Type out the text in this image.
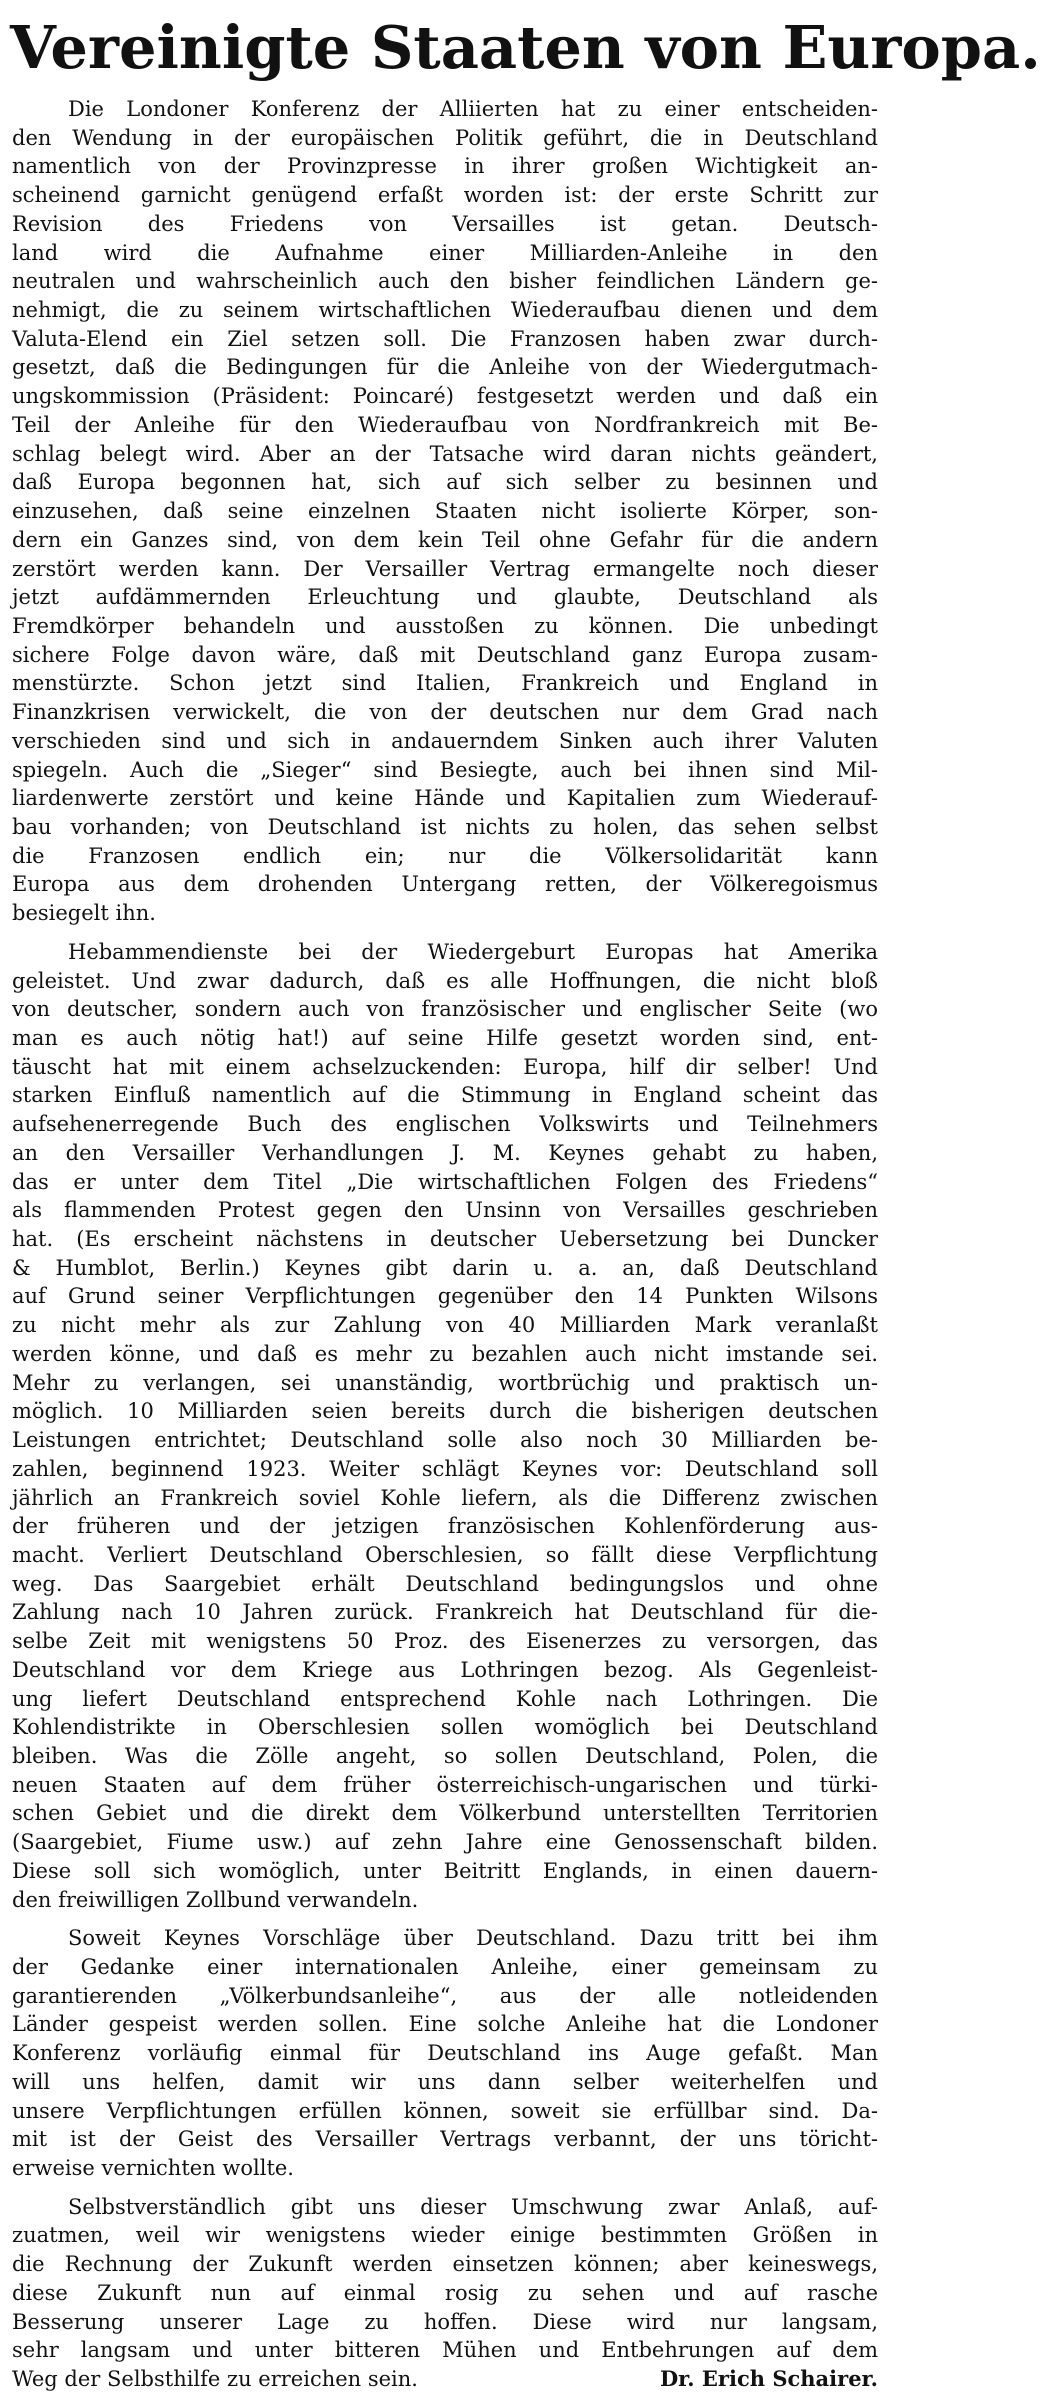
Vereinigte Staaten von Europa.
Die Londoner Konferenz der Alliierten hat zu einer entscheiden-
den Wendung in der europäischen Politik geführt, die in Deutschland
namentlich von der Provinzpresse in ihrer großen Wichtigkeit an-
scheinend garnicht genügend erfaßt worden ist: der erste Schritt zur
Revision des Friedens von Versailles ist getan. Deutsch-
land wird die Aufnahme einer Milliarden-Anleihe in den
neutralen und wahrscheinlich auch den bisher feindlichen Ländern ge-
nehmigt, die zu seinem wirtschaftlichen Wiederaufbau dienen und dem
Valuta-Elend ein Ziel setzen soll. Die Franzosen haben zwar durch-
gesetzt, daß die Bedingungen für die Anleihe von der Wiedergutmach-
ungskommission (Präsident: Poincaré) festgesetzt werden und daß ein
Teil der Anleihe für den Wiederaufbau von Nordfrankreich mit Be-
schlag belegt wird. Aber an der Tatsache wird daran nichts geändert,
daß Europa begonnen hat, sich auf sich selber zu besinnen und
einzusehen, daß seine einzelnen Staaten nicht isolierte Körper, son-
dern ein Ganzes sind, von dem kein Teil ohne Gefahr für die andern
zerstört werden kann. Der Versailler Vertrag ermangelte noch dieser
jetzt aufdämmernden Erleuchtung und glaubte, Deutschland als
Fremdkörper behandeln und ausstoßen zu können. Die unbedingt
sichere Folge davon wäre, daß mit Deutschland ganz Europa zusam-
menstürzte. Schon jetzt sind Italien, Frankreich und England in
Finanzkrisen verwickelt, die von der deutschen nur dem Grad nach
verschieden sind und sich in andauerndem Sinken auch ihrer Valuten
spiegeln. Auch die „Sieger“ sind Besiegte, auch bei ihnen sind Mil-
liardenwerte zerstört und keine Hände und Kapitalien zum Wiederauf-
bau vorhanden; von Deutschland ist nichts zu holen, das sehen selbst
die Franzosen endlich ein; nur die Völkersolidarität kann
Europa aus dem drohenden Untergang retten, der Völkeregoismus
besiegelt ihn.
Hebammendienste bei der Wiedergeburt Europas hat Amerika
geleistet. Und zwar dadurch, daß es alle Hoffnungen, die nicht bloß
von deutscher, sondern auch von französischer und englischer Seite (wo
man es auch nötig hat!) auf seine Hilfe gesetzt worden sind, ent-
täuscht hat mit einem achselzuckenden: Europa, hilf dir selber! Und
starken Einfluß namentlich auf die Stimmung in England scheint das
aufsehenerregende Buch des englischen Volkswirts und Teilnehmers
an den Versailler Verhandlungen J. M. Keynes gehabt zu haben,
das er unter dem Titel „Die wirtschaftlichen Folgen des Friedens“
als flammenden Protest gegen den Unsinn von Versailles geschrieben
hat. (Es erscheint nächstens in deutscher Uebersetzung bei Duncker
& Humblot, Berlin.) Keynes gibt darin u. a. an, daß Deutschland
auf Grund seiner Verpflichtungen gegenüber den 14 Punkten Wilsons
zu nicht mehr als zur Zahlung von 40 Milliarden Mark veranlaßt
werden könne, und daß es mehr zu bezahlen auch nicht imstande sei.
Mehr zu verlangen, sei unanständig, wortbrüchig und praktisch un-
möglich. 10 Milliarden seien bereits durch die bisherigen deutschen
Leistungen entrichtet; Deutschland solle also noch 30 Milliarden be-
zahlen, beginnend 1923. Weiter schlägt Keynes vor: Deutschland soll
jährlich an Frankreich soviel Kohle liefern, als die Differenz zwischen
der früheren und der jetzigen französischen Kohlenförderung aus-
macht. Verliert Deutschland Oberschlesien, so fällt diese Verpflichtung
weg. Das Saargebiet erhält Deutschland bedingungslos und ohne
Zahlung nach 10 Jahren zurück. Frankreich hat Deutschland für die-
selbe Zeit mit wenigstens 50 Proz. des Eisenerzes zu versorgen, das
Deutschland vor dem Kriege aus Lothringen bezog. Als Gegenleist-
ung liefert Deutschland entsprechend Kohle nach Lothringen. Die
Kohlendistrikte in Oberschlesien sollen womöglich bei Deutschland
bleiben. Was die Zölle angeht, so sollen Deutschland, Polen, die
neuen Staaten auf dem früher österreichisch-ungarischen und türki-
schen Gebiet und die direkt dem Völkerbund unterstellten Territorien
(Saargebiet, Fiume usw.) auf zehn Jahre eine Genossenschaft bilden.
Diese soll sich womöglich, unter Beitritt Englands, in einen dauern-
den freiwilligen Zollbund verwandeln.
Soweit Keynes Vorschläge über Deutschland. Dazu tritt bei ihm
der Gedanke einer internationalen Anleihe, einer gemeinsam zu
garantierenden „Völkerbundsanleihe“, aus der alle notleidenden
Länder gespeist werden sollen. Eine solche Anleihe hat die Londoner
Konferenz vorläufig einmal für Deutschland ins Auge gefaßt. Man
will uns helfen, damit wir uns dann selber weiterhelfen und
unsere Verpflichtungen erfüllen können, soweit sie erfüllbar sind. Da-
mit ist der Geist des Versailler Vertrags verbannt, der uns töricht-
erweise vernichten wollte.
Selbstverständlich gibt uns dieser Umschwung zwar Anlaß, auf-
zuatmen, weil wir wenigstens wieder einige bestimmten Größen in
die Rechnung der Zukunft werden einsetzen können; aber keineswegs,
diese Zukunft nun auf einmal rosig zu sehen und auf rasche
Besserung unserer Lage zu hoffen. Diese wird nur langsam,
sehr langsam und unter bitteren Mühen und Entbehrungen auf dem
Weg der Selbsthilfe zu erreichen sein.	Dr. Erich Schairer.
